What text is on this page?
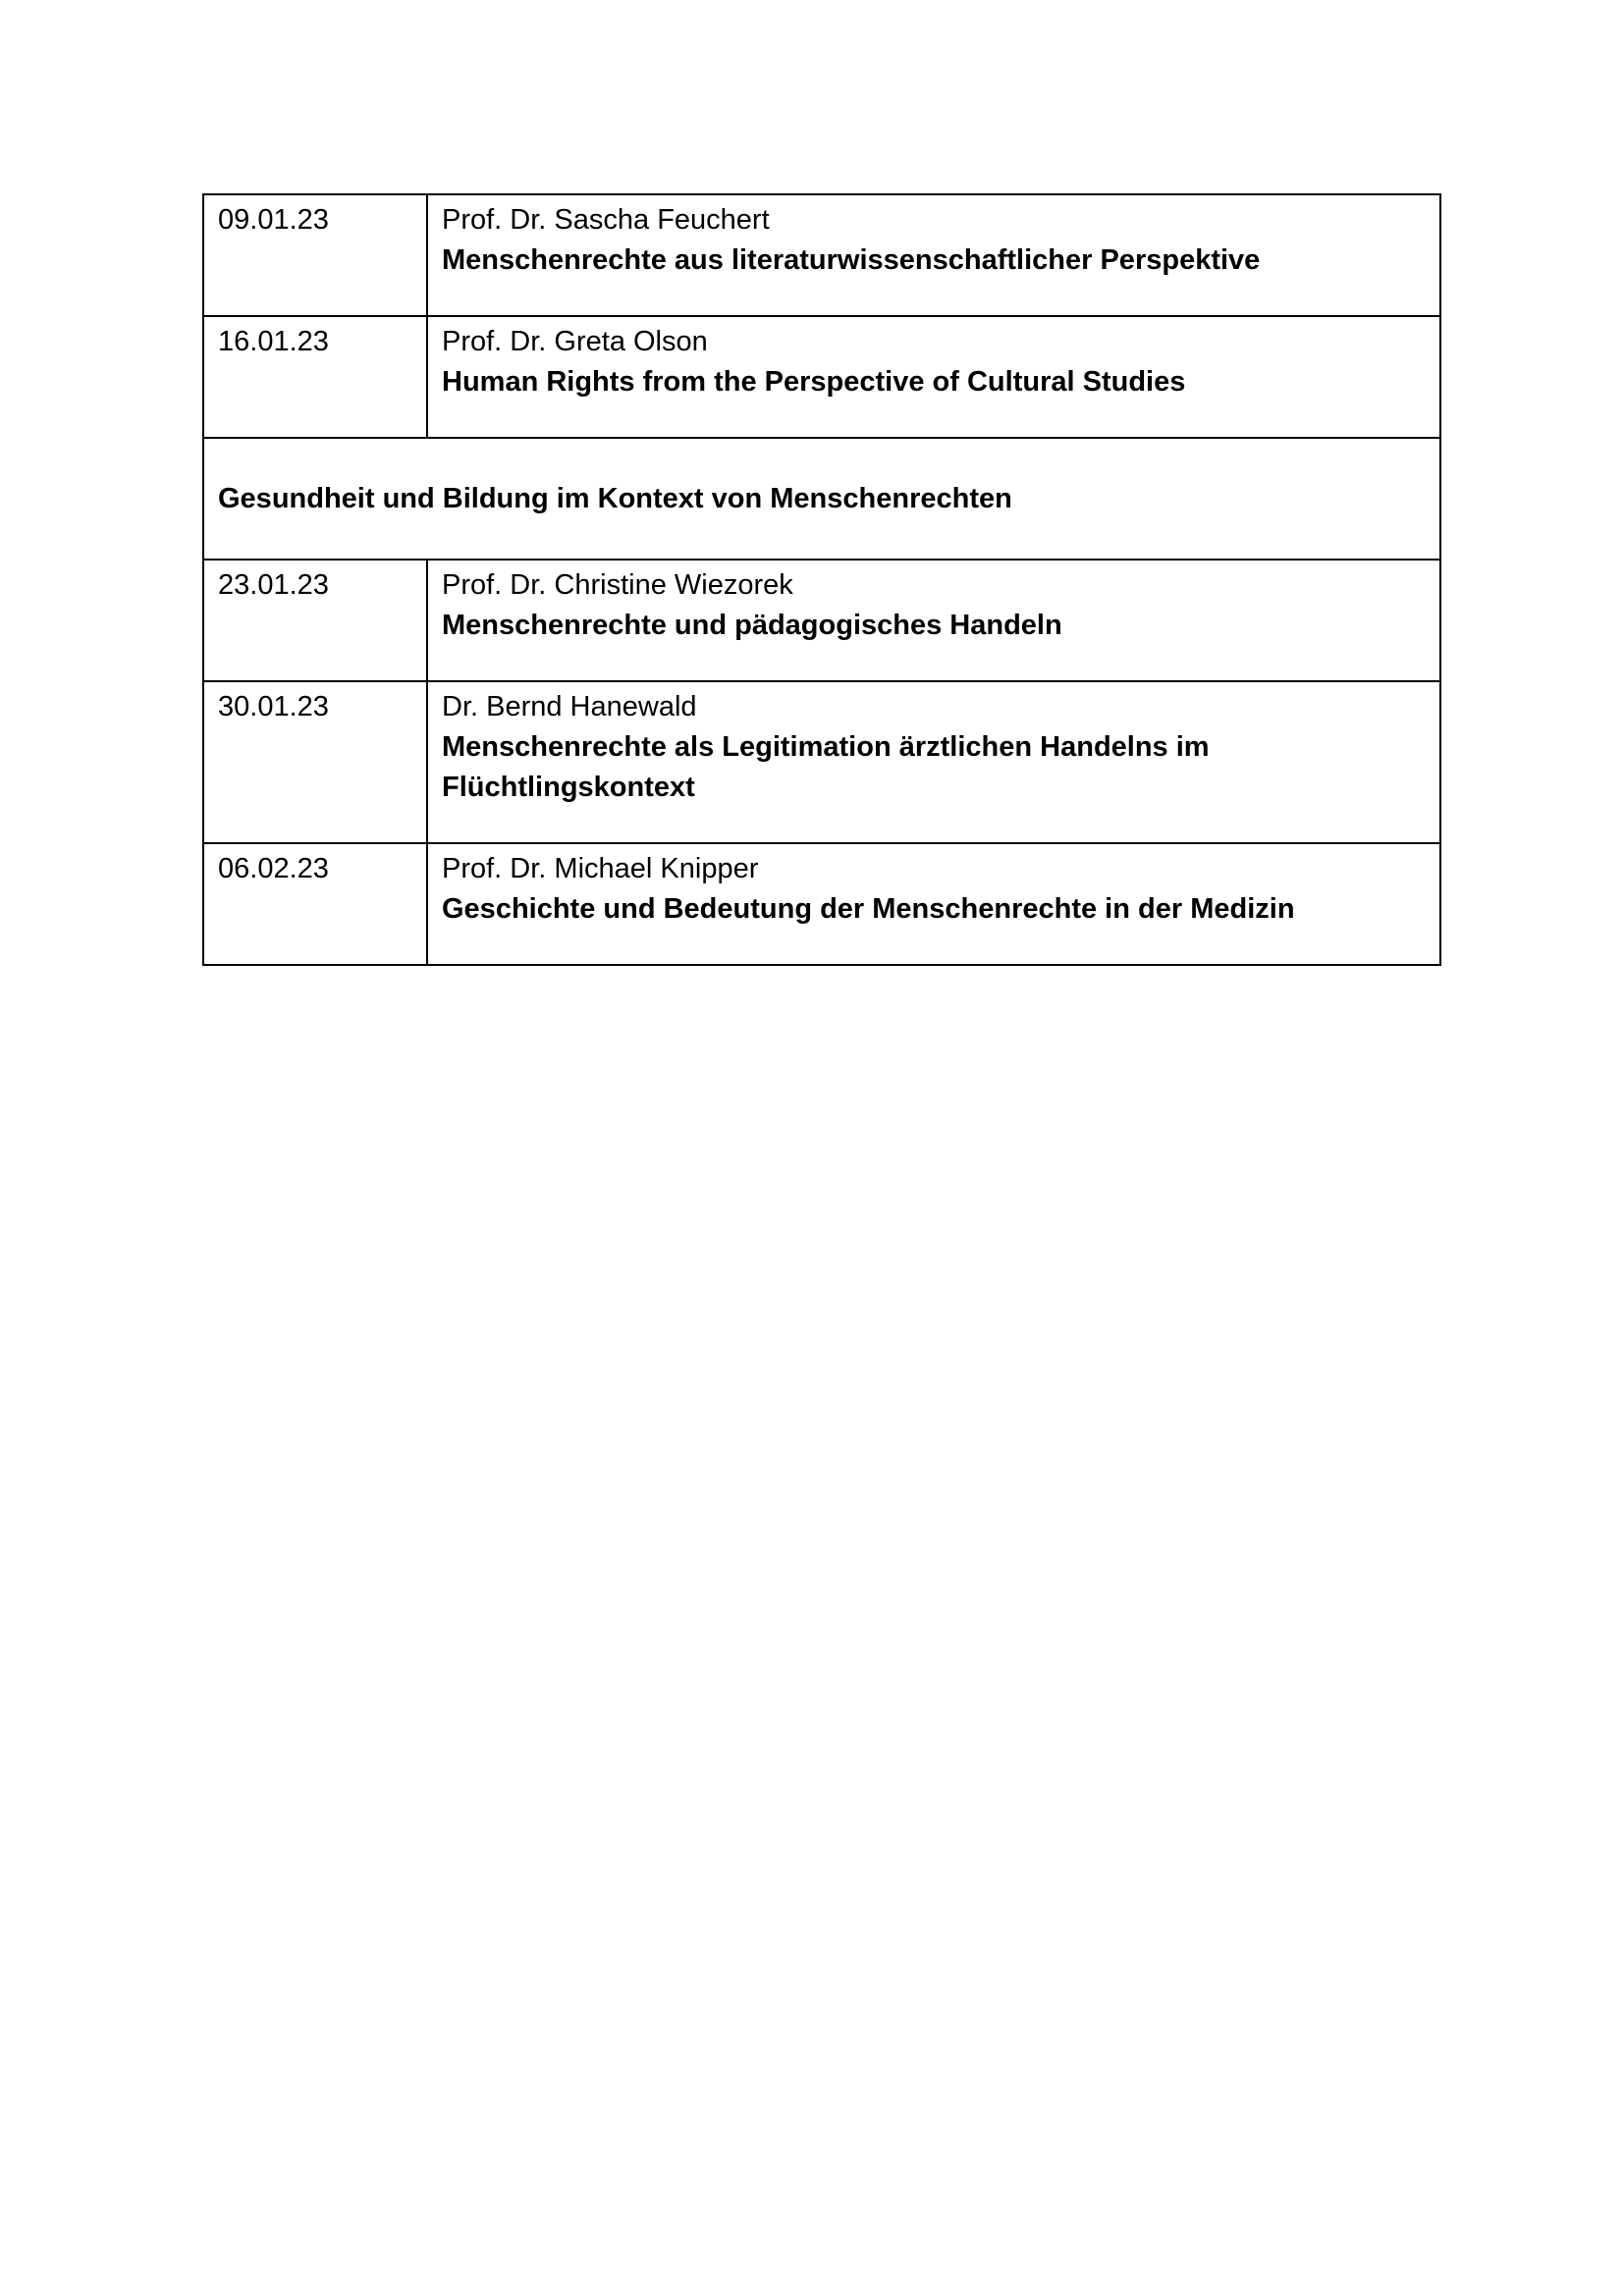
09.01.23	Prof. Dr. Sascha Feuchert
Menschenrechte aus literaturwissenschaftlicher Perspektive

16.01.23	Prof. Dr. Greta Olson
Human Rights from the Perspective of Cultural Studies

Gesundheit und Bildung im Kontext von Menschenrechten	
23.01.23	Prof. Dr. Christine Wiezorek
Menschenrechte und pädagogisches Handeln

30.01.23	Dr. Bernd Hanewald
Menschenrechte als Legitimation ärztlichen Handelns im Flüchtlingskontext

06.02.23	Prof. Dr. Michael Knipper
Geschichte und Bedeutung der Menschenrechte in der Medizin
